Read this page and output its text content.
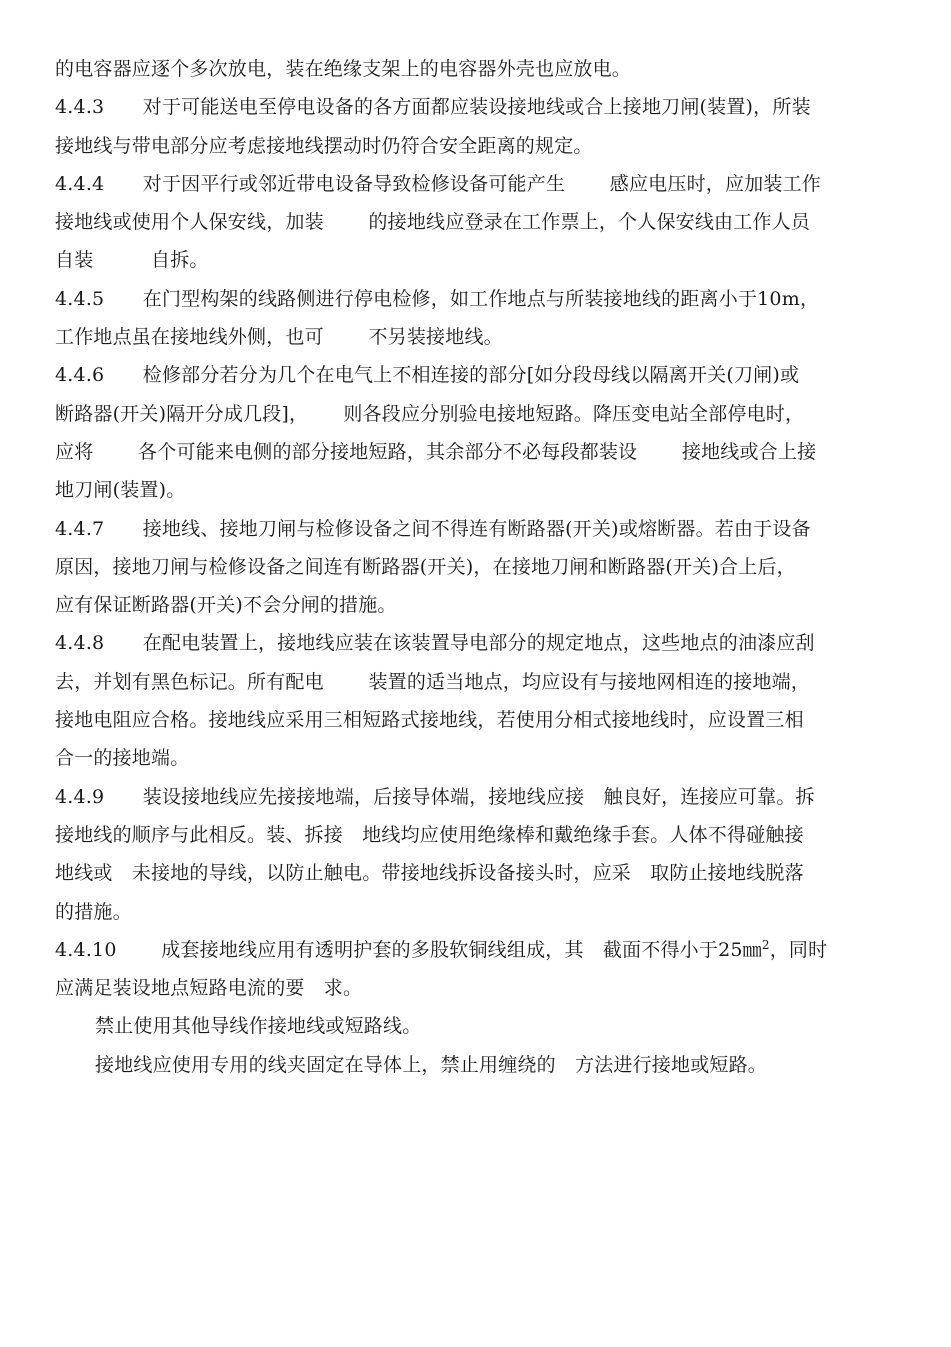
的电容器应逐个多次放电，装在绝缘支架上的电容器外壳也应放电。
4.4.3　　对于可能送电至停电设备的各方面都应装设接地线或合上接地刀闸(装置)，所装
接地线与带电部分应考虑接地线摆动时仍符合安全距离的规定。
4.4.4　　对于因平行或邻近带电设备导致检修设备可能产生　　 感应电压时，应加装工作
接地线或使用个人保安线，加装　　 的接地线应登录在工作票上，个人保安线由工作人员
自装　　　自拆。
4.4.5　　在门型构架的线路侧进行停电检修，如工作地点与所装接地线的距离小于10m，
工作地点虽在接地线外侧，也可　　 不另装接地线。
4.4.6　　检修部分若分为几个在电气上不相连接的部分[如分段母线以隔离开关(刀闸)或
断路器(开关)隔开分成几段]，　　 则各段应分别验电接地短路。降压变电站全部停电时，
应将　　 各个可能来电侧的部分接地短路，其余部分不必每段都装设　　 接地线或合上接
地刀闸(装置)。
4.4.7　　接地线、接地刀闸与检修设备之间不得连有断路器(开关)或熔断器。若由于设备
原因，接地刀闸与检修设备之间连有断路器(开关)，在接地刀闸和断路器(开关)合上后，
应有保证断路器(开关)不会分闸的措施。
4.4.8　　在配电装置上，接地线应装在该装置导电部分的规定地点，这些地点的油漆应刮
去，并划有黑色标记。所有配电　　 装置的适当地点，均应设有与接地网相连的接地端，
接地电阻应合格。接地线应采用三相短路式接地线，若使用分相式接地线时，应设置三相
合一的接地端。
4.4.9　　装设接地线应先接接地端，后接导体端，接地线应接　触良好，连接应可靠。拆
接地线的顺序与此相反。装、拆接　地线均应使用绝缘棒和戴绝缘手套。人体不得碰触接
地线或　未接地的导线，以防止触电。带接地线拆设备接头时，应采　取防止接地线脱落
的措施。
4.4.10　　 成套接地线应用有透明护套的多股软铜线组成，其　截面不得小于25㎜$^2$，同时
应满足装设地点短路电流的要　求。
禁止使用其他导线作接地线或短路线。
接地线应使用专用的线夹固定在导体上，禁止用缠绕的　方法进行接地或短路。
